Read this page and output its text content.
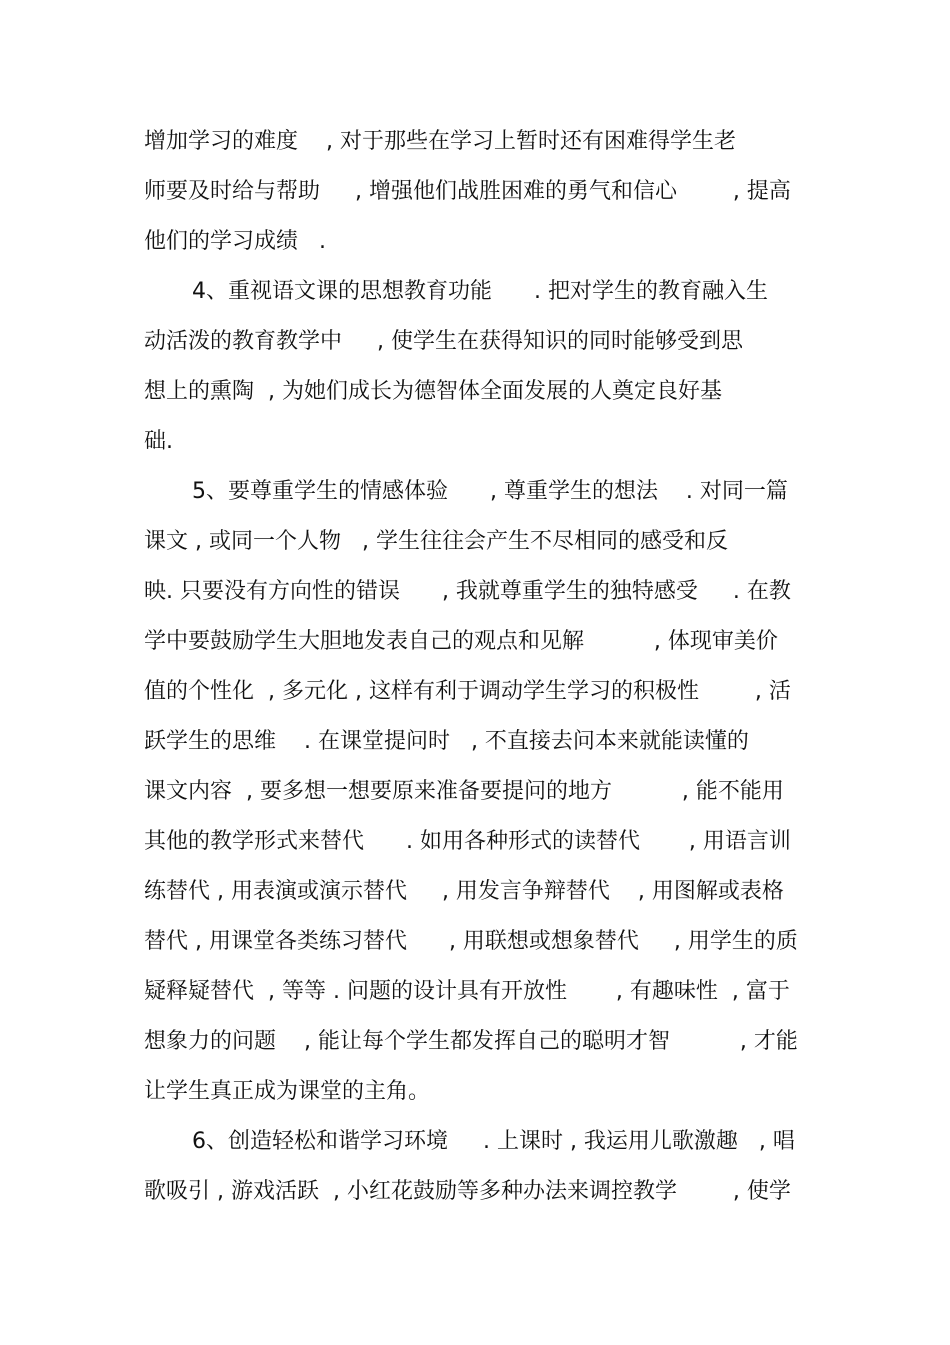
增加学习的难度    , 对于那些在学习上暂时还有困难得学生老
师要及时给与帮助     , 增强他们战胜困难的勇气和信心        , 提高
他们的学习成绩   .
4、重视语文课的思想教育功能      . 把对学生的教育融入生
动活泼的教育教学中     , 使学生在获得知识的同时能够受到思
想上的熏陶  , 为她们成长为德智体全面发展的人奠定良好基
础.
5、要尊重学生的情感体验      , 尊重学生的想法    . 对同一篇
课文 , 或同一个人物   , 学生往往会产生不尽相同的感受和反
映. 只要没有方向性的错误      , 我就尊重学生的独特感受     . 在教
学中要鼓励学生大胆地发表自己的观点和见解          , 体现审美价
值的个性化  , 多元化 , 这样有利于调动学生学习的积极性        , 活
跃学生的思维    . 在课堂提问时   , 不直接去问本来就能读懂的
课文内容  , 要多想一想要原来准备要提问的地方          , 能不能用
其他的教学形式来替代      . 如用各种形式的读替代       , 用语言训
练替代 , 用表演或演示替代     , 用发言争辩替代    , 用图解或表格
替代 , 用课堂各类练习替代      , 用联想或想象替代     , 用学生的质
疑释疑替代  , 等等 . 问题的设计具有开放性       , 有趣味性  , 富于
想象力的问题    , 能让每个学生都发挥自己的聪明才智          , 才能
让学生真正成为课堂的主角。
6、创造轻松和谐学习环境     . 上课时 , 我运用儿歌激趣   , 唱
歌吸引 , 游戏活跃  , 小红花鼓励等多种办法来调控教学        , 使学
